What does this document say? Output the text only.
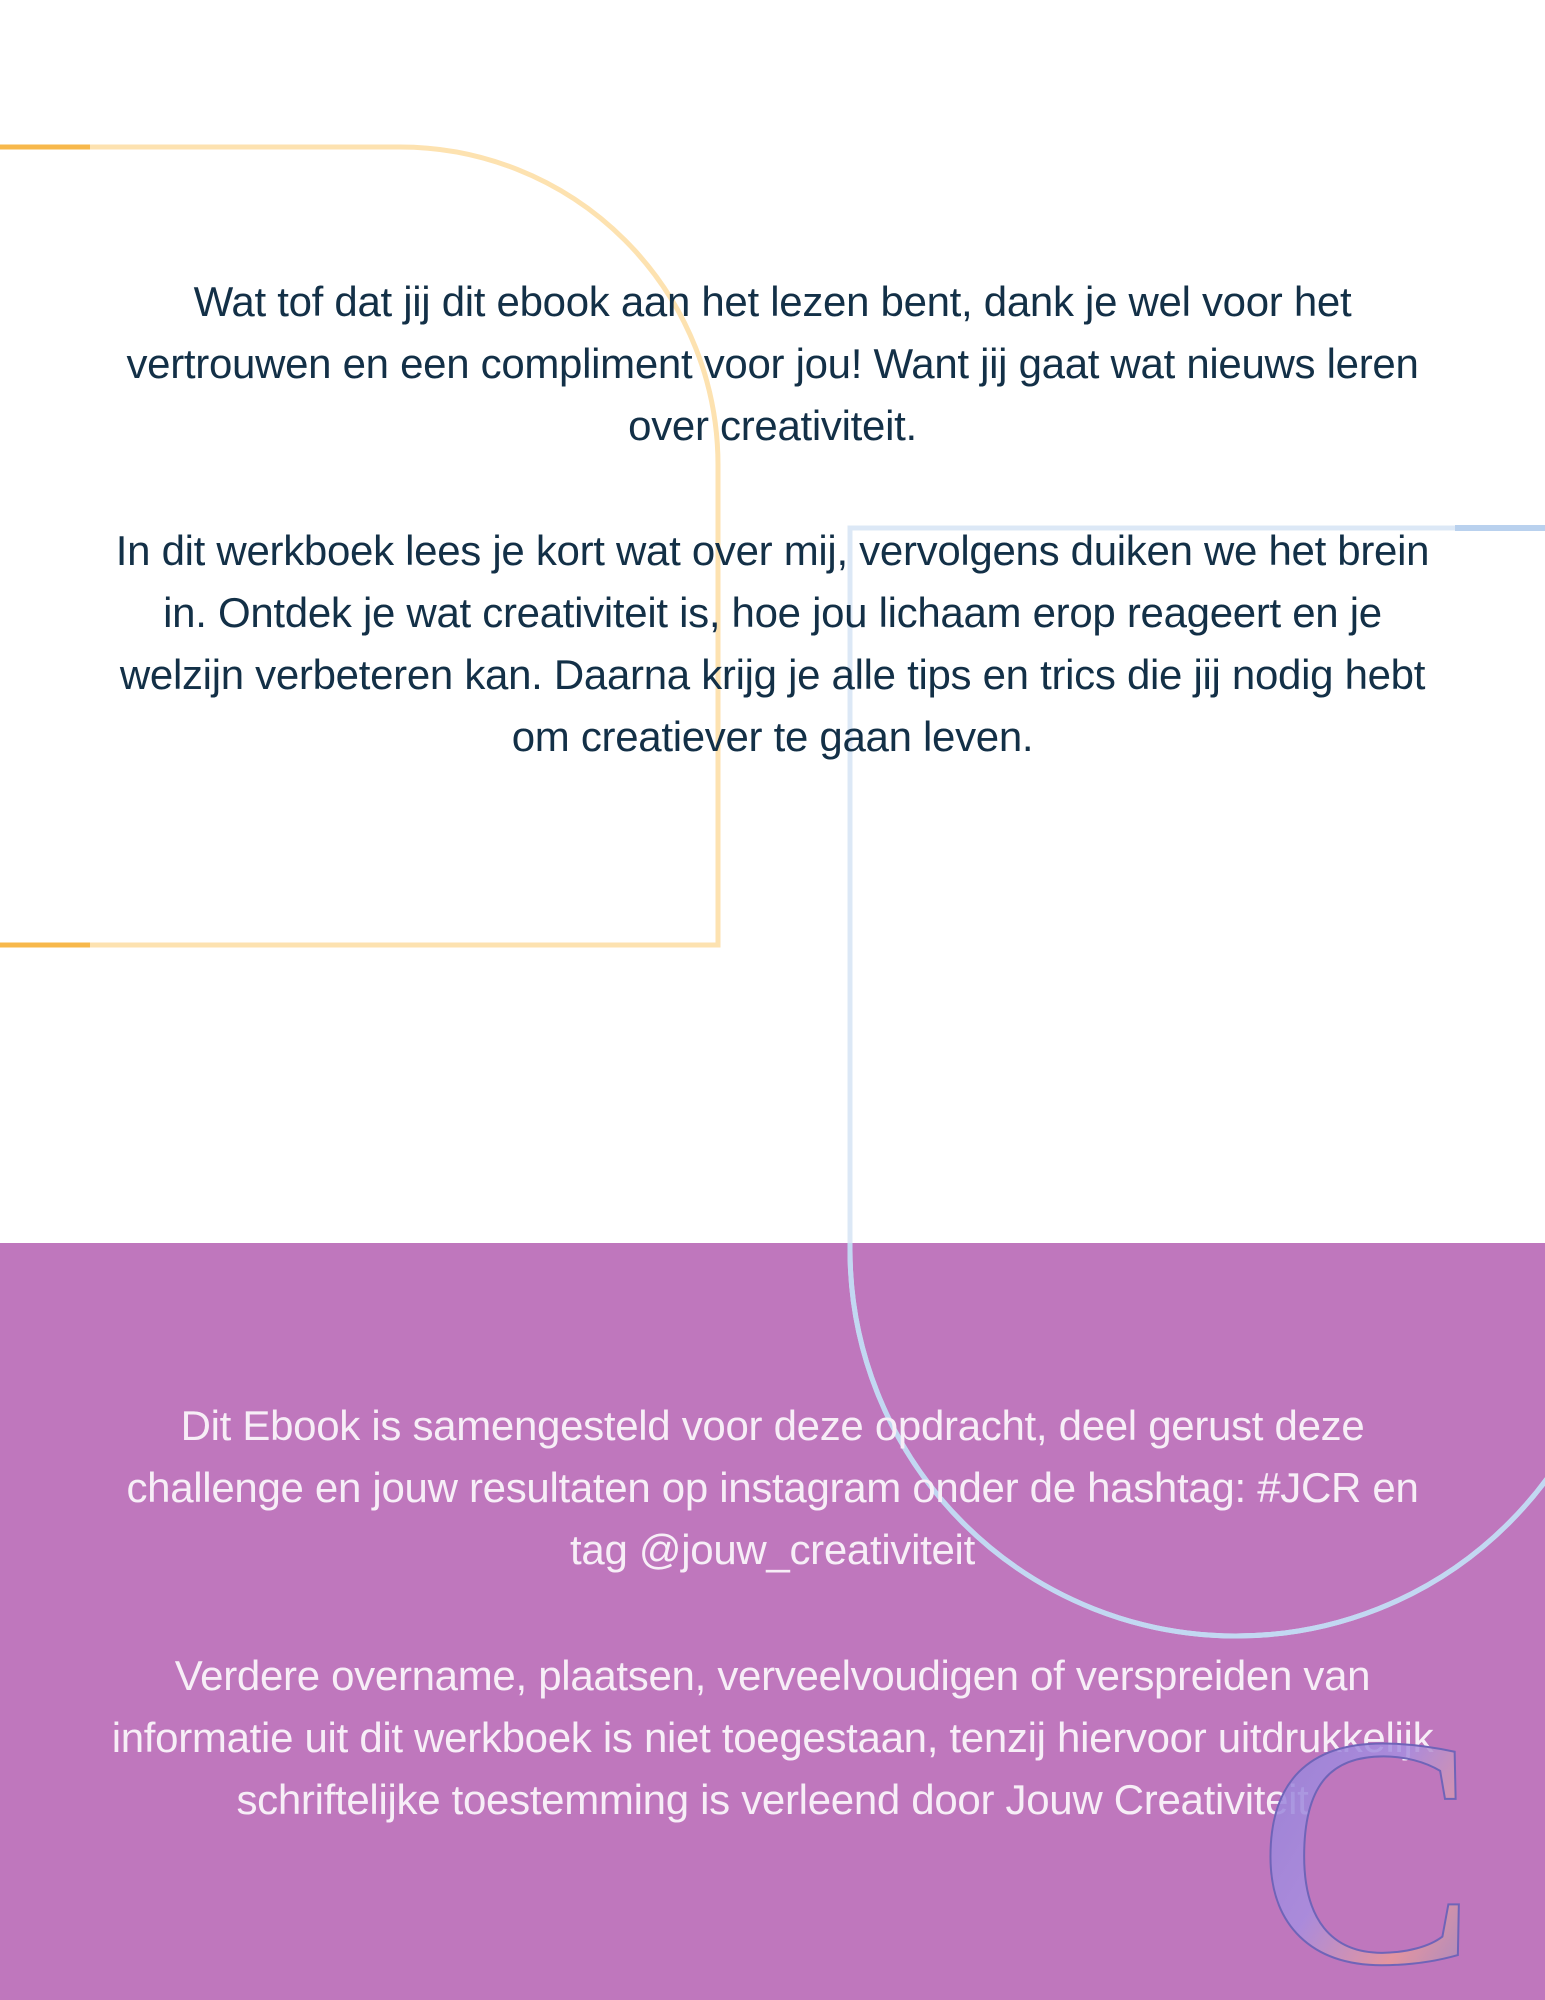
Wat tof dat jij dit ebook aan het lezen bent, dank je wel voor het vertrouwen en een compliment voor jou! Want jij gaat wat nieuws leren over creativiteit.

In dit werkboek lees je kort wat over mij, vervolgens duiken we het brein in. Ontdek je wat creativiteit is, hoe jou lichaam erop reageert en je welzijn verbeteren kan. Daarna krijg je alle tips en trics die jij nodig hebt om creatiever te gaan leven.

Dit Ebook is samengesteld voor deze opdracht, deel gerust deze challenge en jouw resultaten op instagram onder de hashtag: #JCR en tag @jouw_creativiteit

Verdere overname, plaatsen, verveelvoudigen of verspreiden van informatie uit dit werkboek is niet toegestaan, tenzij hiervoor uitdrukkelijk schriftelijke toestemming is verleend door Jouw Creativiteit

C
